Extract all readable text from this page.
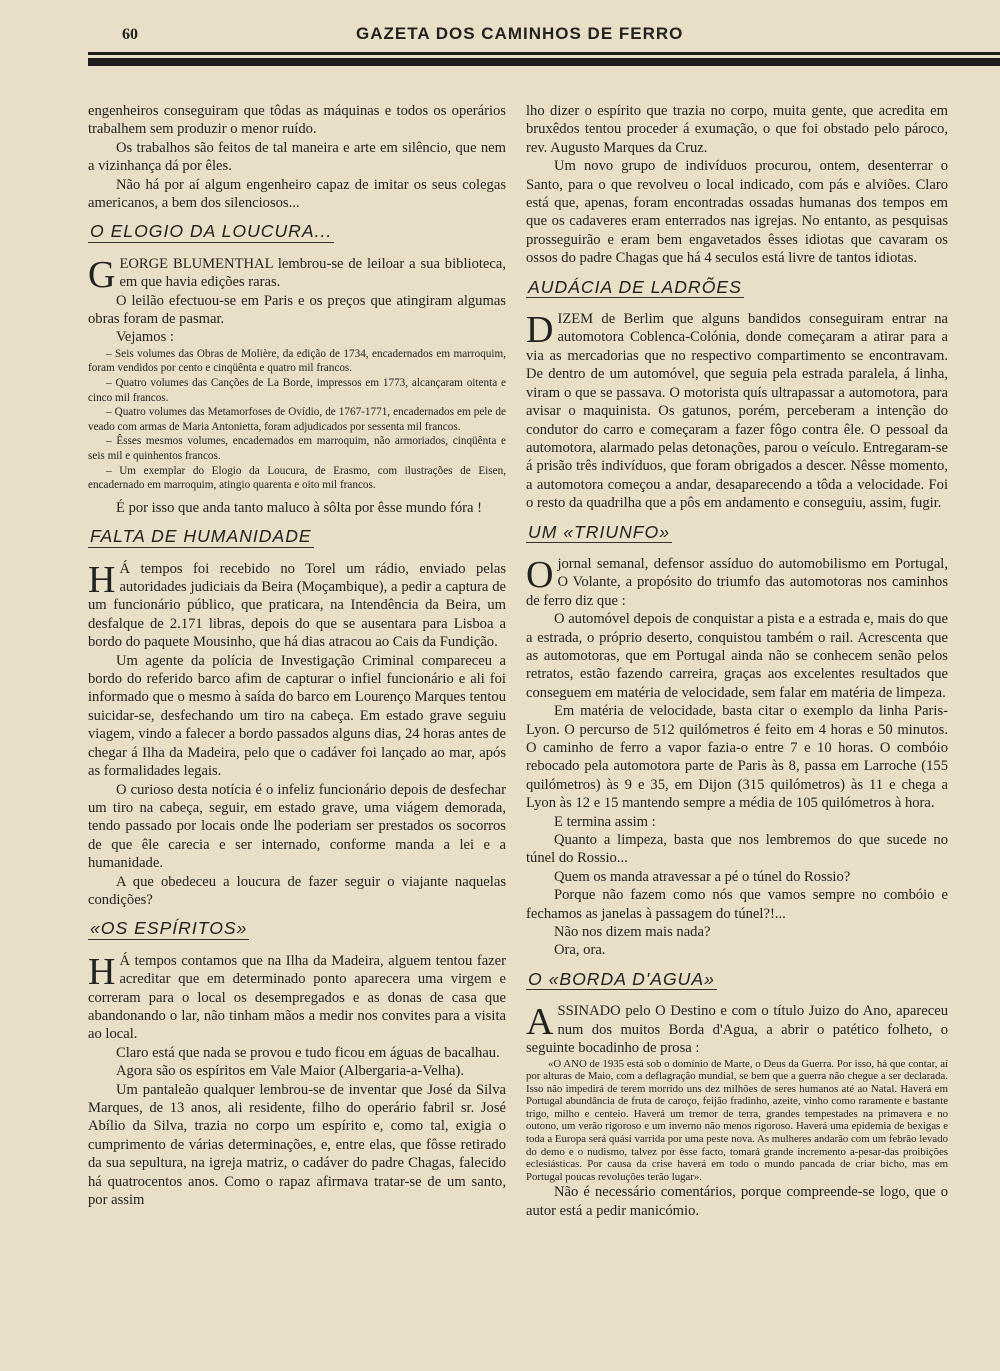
60	GAZETA DOS CAMINHOS DE FERRO

engenheiros conseguiram que tôdas as máquinas e todos os operários trabalhem sem produzir o menor ruído.

Os trabalhos são feitos de tal maneira e arte em silêncio, que nem a vizinhança dá por êles.

Não há por aí algum engenheiro capaz de imitar os seus colegas americanos, a bem dos silenciosos...

O ELOGIO DA LOUCURA...
G EORGE BLUMENTHAL lembrou-se de leiloar a sua biblioteca, em que havia edições raras.

O leilão efectuou-se em Paris e os preços que atingiram algumas obras foram de pasmar.

Vejamos :

– Seis volumes das Obras de Molière, da edição de 1734, encadernados em marroquim, foram vendidos por cento e cinqüênta e quatro mil francos.

– Quatro volumes das Canções de La Borde, impressos em 1773, alcançaram oitenta e cinco mil francos.

– Quatro volumes das Metamorfoses de Ovídio, de 1767-1771, encadernados em pele de veado com armas de Maria Antonietta, foram adjudicados por sessenta mil francos.

– Êsses mesmos volumes, encadernados em marroquim, não armoriados, cinqüênta e seis mil e quinhentos francos.

– Um exemplar do Elogio da Loucura, de Erasmo, com ilustrações de Eisen, encadernado em marroquim, atingio quarenta e oito mil francos.

É por isso que anda tanto maluco à sôlta por êsse mundo fóra !

FALTA DE HUMANIDADE
H Á tempos foi recebido no Torel um rádio, enviado pelas autoridades judiciais da Beira (Moçambique), a pedir a captura de um funcionário público, que praticara, na Intendência da Beira, um desfalque de 2.171 libras, depois do que se ausentara para Lisboa a bordo do paquete Mousinho, que há dias atracou ao Cais da Fundição.

Um agente da polícia de Investigação Criminal compareceu a bordo do referido barco afim de capturar o infiel funcionário e ali foi informado que o mesmo à saída do barco em Lourenço Marques tentou suicidar-se, desfechando um tiro na cabeça. Em estado grave seguiu viagem, vindo a falecer a bordo passados alguns dias, 24 horas antes de chegar á Ilha da Madeira, pelo que o cadáver foi lançado ao mar, após as formalidades legais.

O curioso desta notícia é o infeliz funcionário depois de desfechar um tiro na cabeça, seguir, em estado grave, uma viágem demorada, tendo passado por locais onde lhe poderiam ser prestados os socorros de que êle carecia e ser internado, conforme manda a lei e a humanidade.

A que obedeceu a loucura de fazer seguir o viajante naquelas condições?

«OS ESPÍRITOS»
H Á tempos contamos que na Ilha da Madeira, alguem tentou fazer acreditar que em determinado ponto aparecera uma virgem e correram para o local os desempregados e as donas de casa que abandonando o lar, não tinham mãos a medir nos convites para a visita ao local.

Claro está que nada se provou e tudo ficou em águas de bacalhau.

Agora são os espíritos em Vale Maior (Albergaria-a-Velha).

Um pantaleão qualquer lembrou-se de inventar que José da Silva Marques, de 13 anos, ali residente, filho do operário fabril sr. José Abílio da Silva, trazia no corpo um espírito e, como tal, exigia o cumprimento de várias determinações, e, entre elas, que fôsse retirado da sua sepultura, na igreja matriz, o cadáver do padre Chagas, falecido há quatrocentos anos. Como o rapaz afirmava tratar-se de um santo, por assim

lho dizer o espírito que trazia no corpo, muita gente, que acredita em bruxêdos tentou proceder á exumação, o que foi obstado pelo pároco, rev. Augusto Marques da Cruz.

Um novo grupo de indivíduos procurou, ontem, desenterrar o Santo, para o que revolveu o local indicado, com pás e alviões. Claro está que, apenas, foram encontradas ossadas humanas dos tempos em que os cadaveres eram enterrados nas igrejas. No entanto, as pesquisas prosseguirão e eram bem engavetados êsses idiotas que cavaram os ossos do padre Chagas que há 4 seculos está livre de tantos idiotas.

AUDÁCIA DE LADRÕES
D IZEM de Berlim que alguns bandidos conseguiram entrar na automotora Coblenca-Colónia, donde começaram a atirar para a via as mercadorias que no respectivo compartimento se encontravam. De dentro de um automóvel, que seguia pela estrada paralela, á linha, viram o que se passava. O motorista quís ultrapassar a automotora, para avisar o maquinista. Os gatunos, porém, perceberam a intenção do condutor do carro e começaram a fazer fôgo contra êle. O pessoal da automotora, alarmado pelas detonações, parou o veículo. Entregaram-se á prisão três indivíduos, que foram obrigados a descer. Nêsse momento, a automotora começou a andar, desaparecendo a tôda a velocidade. Foi o resto da quadrilha que a pôs em andamento e conseguiu, assim, fugir.

UM «TRIUNFO»
O jornal semanal, defensor assíduo do automobilismo em Portugal, O Volante, a propósito do triumfo das automotoras nos caminhos de ferro diz que :

O automóvel depois de conquistar a pista e a estrada e, mais do que a estrada, o próprio deserto, conquistou também o rail. Acrescenta que as automotoras, que em Portugal ainda não se conhecem senão pelos retratos, estão fazendo carreira, graças aos excelentes resultados que conseguem em matéria de velocidade, sem falar em matéria de limpeza.

Em matéria de velocidade, basta citar o exemplo da linha Paris-Lyon. O percurso de 512 quilómetros é feito em 4 horas e 50 minutos. O caminho de ferro a vapor fazia-o entre 7 e 10 horas. O combóio rebocado pela automotora parte de Paris às 8, passa em Larroche (155 quilómetros) às 9 e 35, em Dijon (315 quilómetros) às 11 e chega a Lyon às 12 e 15 mantendo sempre a média de 105 quilómetros à hora.

E termina assim :

Quanto a limpeza, basta que nos lembremos do que sucede no túnel do Rossio...

Quem os manda atravessar a pé o túnel do Rossio?

Porque não fazem como nós que vamos sempre no combóio e fechamos as janelas à passagem do túnel?!...

Não nos dizem mais nada?

Ora, ora.

O «BORDA D'AGUA»
A SSINADO pelo O Destino e com o título Juizo do Ano, apareceu num dos muitos Borda d'Agua, a abrir o patético folheto, o seguinte bocadinho de prosa :

«O ANO de 1935 está sob o domínio de Marte, o Deus da Guerra. Por isso, há que contar, aí por alturas de Maio, com a deflagração mundial, se bem que a guerra não chegue a ser declarada. Isso não impedirá de terem morrido uns dez milhões de seres humanos até ao Natal. Haverá em Portugal abundância de fruta de caroço, feijão fradinho, azeite, vinho como raramente e bastante trigo, milho e centeio. Haverá um tremor de terra, grandes tempestades na primavera e no outono, um verão rigoroso e um inverno não menos rigoroso. Haverá uma epidemia de bexigas e toda a Europa será quási varrida por uma peste nova. As mulheres andarão com um febrão levado do demo e o nudismo, talvez por êsse facto, tomará grande incremento a-pesar-das proibições eclesiásticas. Por causa da crise haverá em todo o mundo pancada de criar bicho, mas em Portugal poucas revoluções terão lugar».

Não é necessário comentários, porque compreende-se logo, que o autor está a pedir manicómio.
